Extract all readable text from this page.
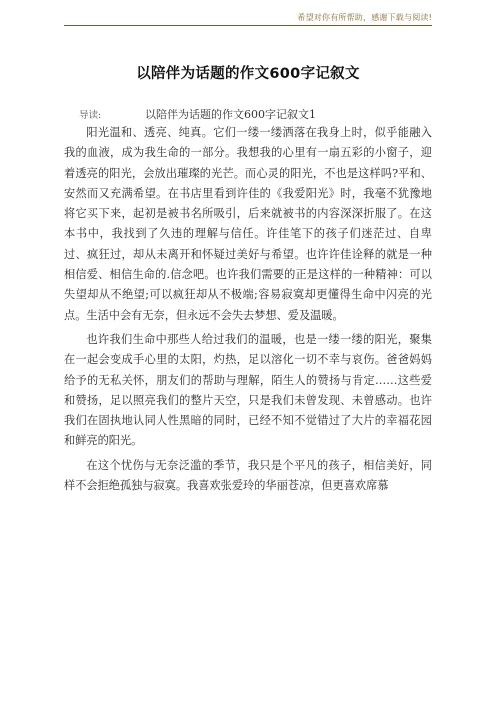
希望对你有所帮助，感谢下载与阅读!
以陪伴为话题的作文600字记叙文
导读:	以陪伴为话题的作文600字记叙文1

阳光温和、透亮、纯真。它们一缕一缕洒落在我身上时，似乎能融入我的血液，成为我生命的一部分。我想我的心里有一扇五彩的小窗子，迎着透亮的阳光，会放出璀璨的光芒。而心灵的阳光，不也是这样吗?平和、安然而又充满希望。在书店里看到许佳的《我爱阳光》时，我毫不犹豫地将它买下来，起初是被书名所吸引，后来就被书的内容深深折服了。在这本书中，我找到了久违的理解与信任。许佳笔下的孩子们迷茫过、自卑过、疯狂过，却从未离开和怀疑过美好与希望。也许许佳诠释的就是一种相信爱、相信生命的.信念吧。也许我们需要的正是这样的一种精神：可以失望却从不绝望;可以疯狂却从不极端;容易寂寞却更懂得生命中闪亮的光点。生活中会有无奈，但永远不会失去梦想、爱及温暖。

也许我们生命中那些人给过我们的温暖，也是一缕一缕的阳光，聚集在一起会变成手心里的太阳，灼热，足以溶化一切不幸与哀伤。爸爸妈妈给予的无私关怀，朋友们的帮助与理解，陌生人的赞扬与肯定……这些爱和赞扬，足以照亮我们的整片天空，只是我们未曾发现、未曾感动。也许我们在固执地认同人性黑暗的同时，已经不知不觉错过了大片的幸福花园和鲜亮的阳光。

在这个忧伤与无奈泛滥的季节，我只是个平凡的孩子，相信美好，同样不会拒绝孤独与寂寞。我喜欢张爱玲的华丽苍凉，但更喜欢席慕
